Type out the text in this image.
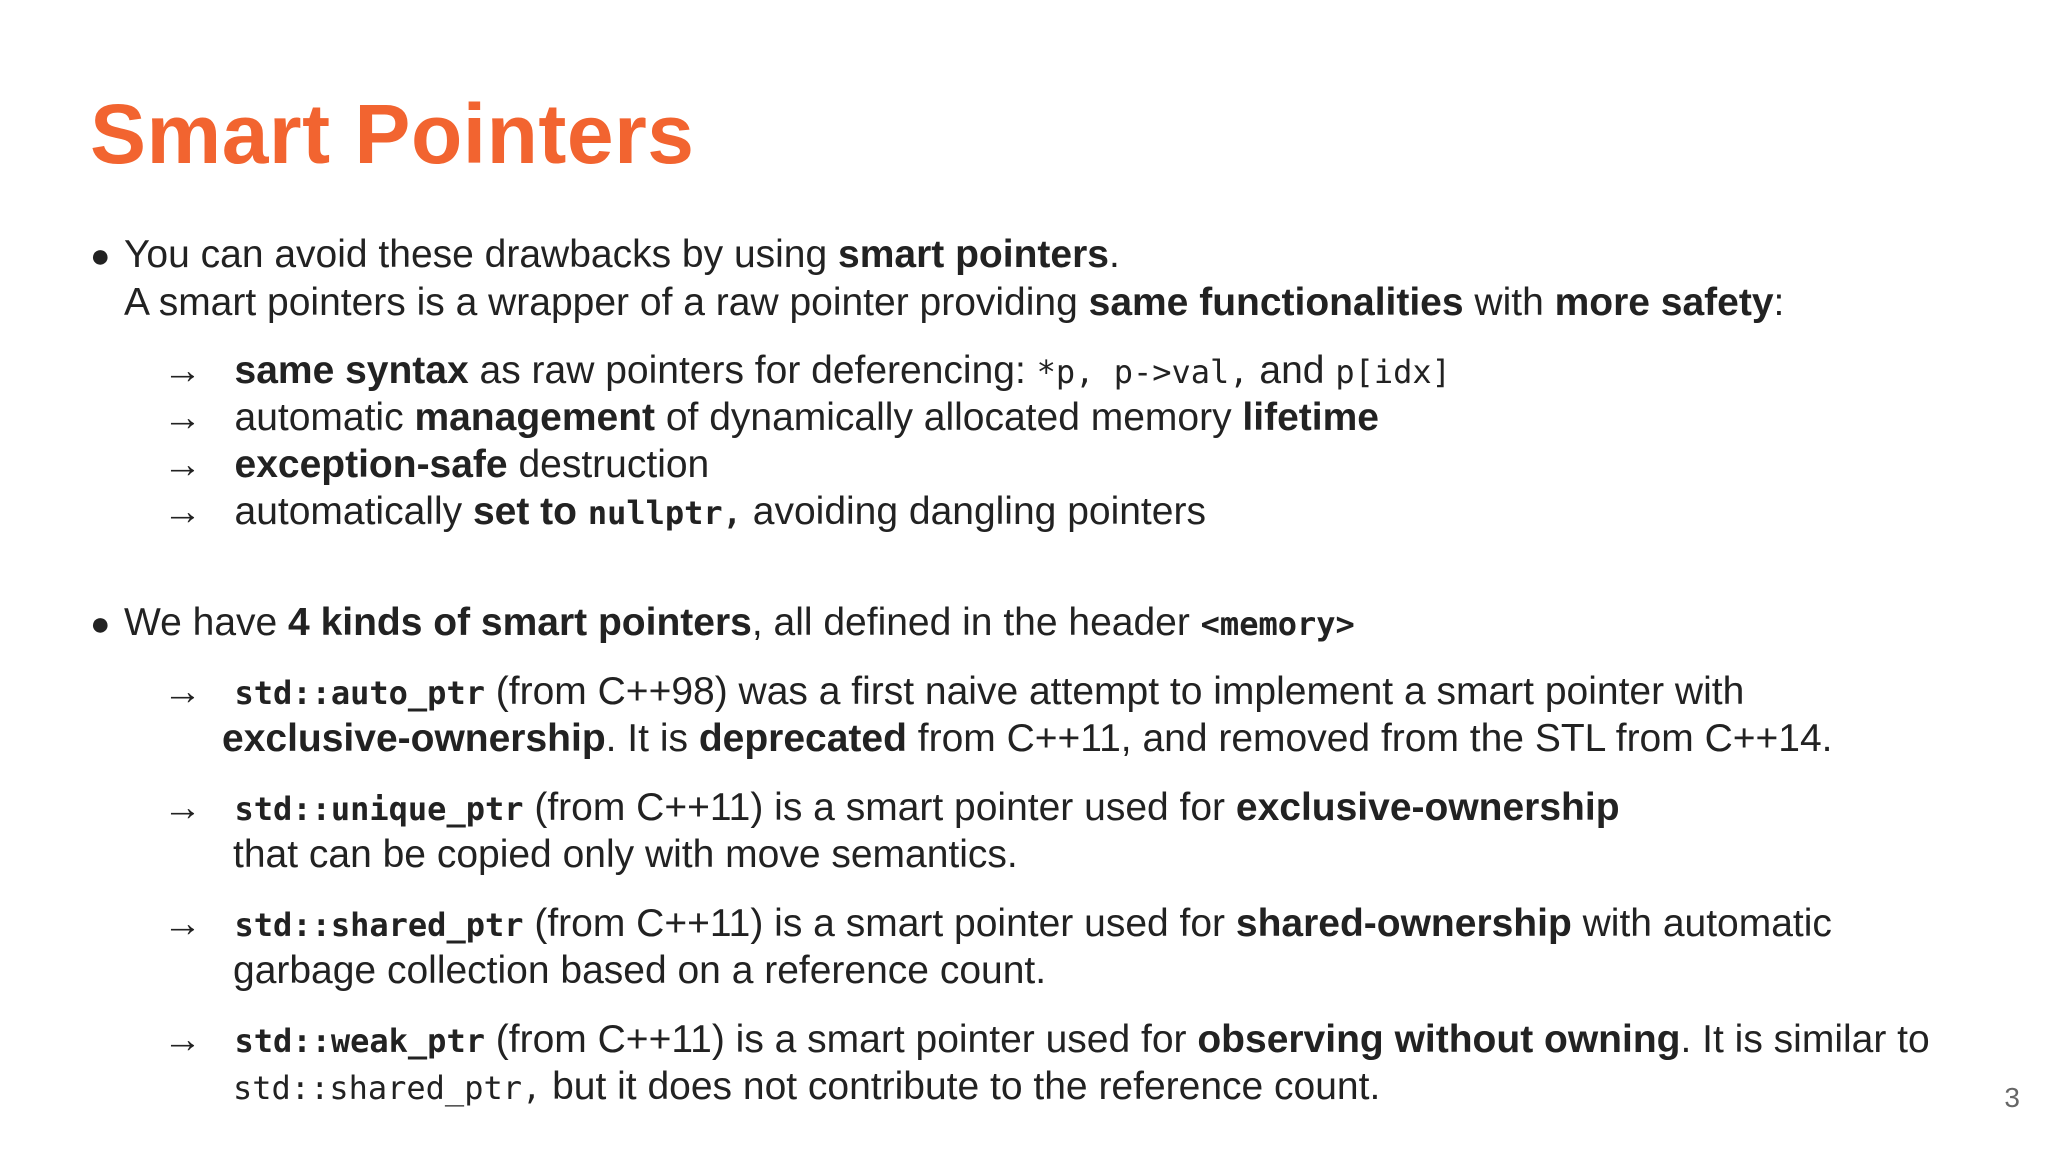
Smart Pointers
● You can avoid these drawbacks by using smart pointers.
A smart pointers is a wrapper of a raw pointer providing same functionalities with more safety:
→ same syntax as raw pointers for deferencing: *p, p->val, and p[idx]
→ automatic management of dynamically allocated memory lifetime
→ exception-safe destruction
→ automatically set to nullptr, avoiding dangling pointers
● We have 4 kinds of smart pointers, all defined in the header <memory>
→ std::auto_ptr (from C++98) was a first naive attempt to implement a smart pointer with
exclusive-ownership. It is deprecated from C++11, and removed from the STL from C++14.
→ std::unique_ptr (from C++11) is a smart pointer used for exclusive-ownership
that can be copied only with move semantics.
→ std::shared_ptr (from C++11) is a smart pointer used for shared-ownership with automatic
garbage collection based on a reference count.
→ std::weak_ptr (from C++11) is a smart pointer used for observing without owning. It is similar to
std::shared_ptr, but it does not contribute to the reference count.	3
